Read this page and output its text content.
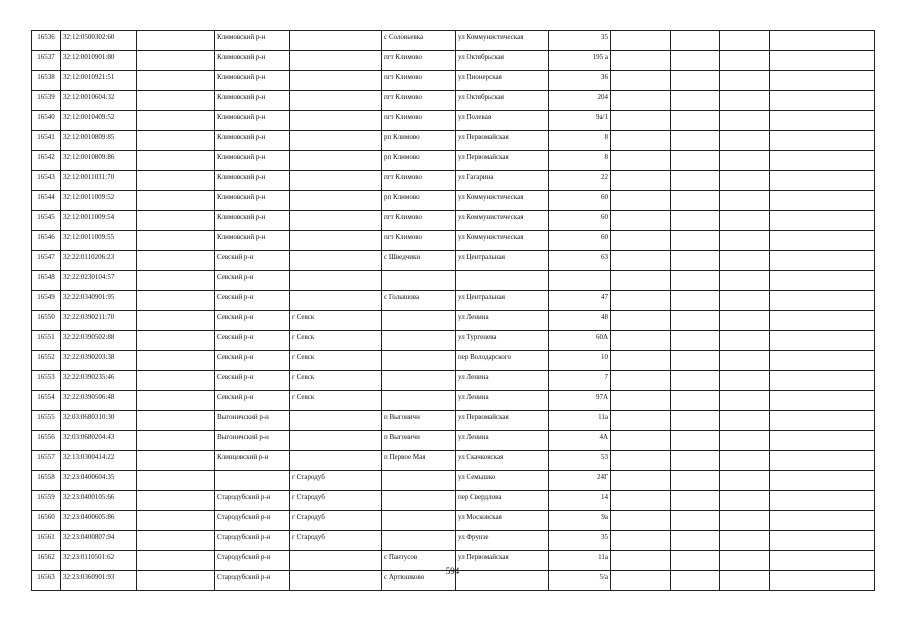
16536	32:12:0500302:60		Климовский р-н		с Соловьевка	ул Коммунистическая	35				
16537	32:12:0010901:80		Климовский р-н		пгт Климово	ул Октябрьская	195 а				
16538	32:12:0010921:51		Климовский р-н		пгт Климово	ул Пионерская	36				
16539	32:12:0010604:32		Климовский р-н		пгт Климово	ул Октябрьская	204				
16540	32:12:0010409:52		Климовский р-н		пгт Климово	ул Полевая	9а/1				
16541	32:12:0010809:85		Климовский р-н		рп Климово	ул Первомайская	8				
16542	32:12:0010809:86		Климовский р-н		рп Климово	ул Первомайская	8				
16543	32:12:0011031:70		Климовский р-н		пгт Климово	ул Гагарина	22				
16544	32:12:0011009:52		Климовский р-н		рп Климово	ул Коммунистическая	60				
16545	32:12:0011009:54		Климовский р-н		пгт Климово	ул Коммунистическая	60				
16546	32:12:0011009:55		Климовский р-н		пгт Климово	ул Коммунистическая	60				
16547	32:22:0110206:23		Севский р-н		с Шведчики	ул Центральная	63				
16548	32:22:0230104:57		Севский р-н								
16549	32:22:0340901:95		Севский р-н		с Голышова	ул Центральная	47				
16550	32:22:0390211:70		Севский р-н	г Севск		ул Ленина	48				
16551	32:22:0390502:88		Севский р-н	г Севск		ул Тургенева	60А				
16552	32:22:0390203:38		Севский р-н	г Севск		пер Володарского	10				
16553	32:22:0390235:46		Севский р-н	г Севск		ул Ленина	7				
16554	32:22:0390506:48		Севский р-н	г Севск		ул Ленина	97А				
16555	32:03:0680310:30		Выгоничский р-н		п Выгоничи	ул Первомайская	11а				
16556	32:03:0680204:43		Выгоничский р-н		п Выгоничи	ул Ленина	4А				
16557	32:13:0300414:22		Клинцовский р-н		п Первое Мая	ул Скачковская	53				
16558	32:23:0400604:35			г Стародуб		ул Семышко	24Г				
16559	32:23:0400105:66		Стародубский р-н	г Стародуб		пер Свердлова	14				
16560	32:23:0400605:86		Стародубский р-н	г Стародуб		ул Московская	9а				
16561	32:23:0400807:94		Стародубский р-н	г Стародуб		ул Фрунзе	35				
16562	32:23:0110501:62		Стародубский р-н		с Пантусов	ул Первомайская	11а				
16563	32:23:0360901:93		Стародубский р-н		с Артюшково		5/а				
594
